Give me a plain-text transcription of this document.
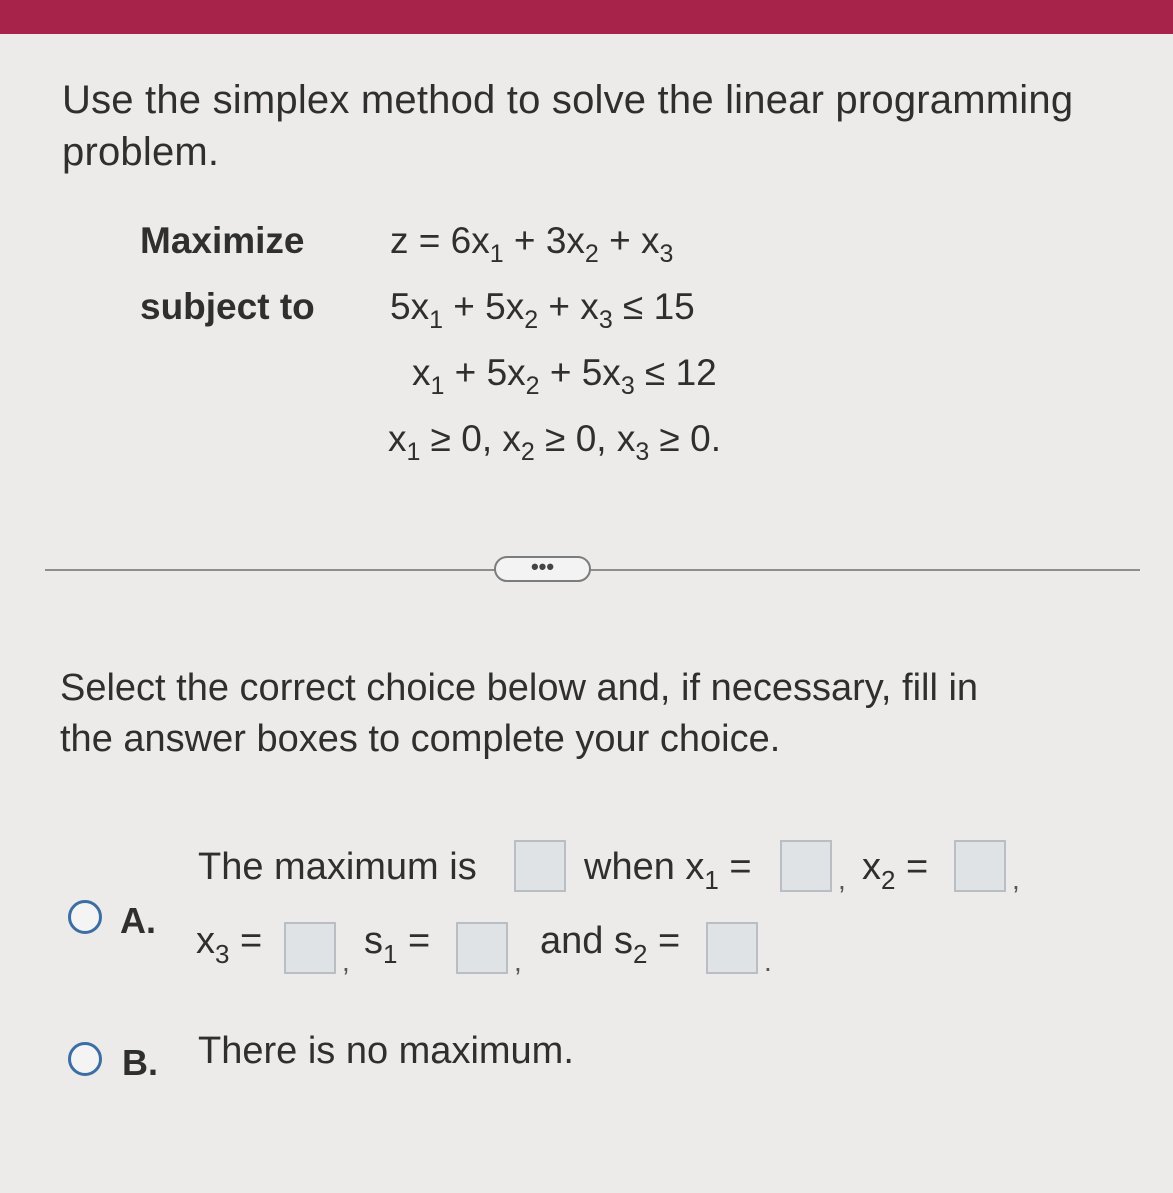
Use the simplex method to solve the linear programming
problem.
Maximize
subject to
$z = 6x_1 + 3x_2 + x_3$
$5x_1 + 5x_2 + x_3 \le 15$
$x_1 + 5x_2 + 5x_3 \le 12$
$x_1 \ge 0$, $x_2 \ge 0$, $x_3 \ge 0$.
•••
Select the correct choice below and, if necessary, fill in
the answer boxes to complete your choice.
A.
The maximum is	when $x_1$ =	, $x_2$ =	,
$x_3$ =	, $s_1$ =	, and $s_2$ =	.
B. There is no maximum.
